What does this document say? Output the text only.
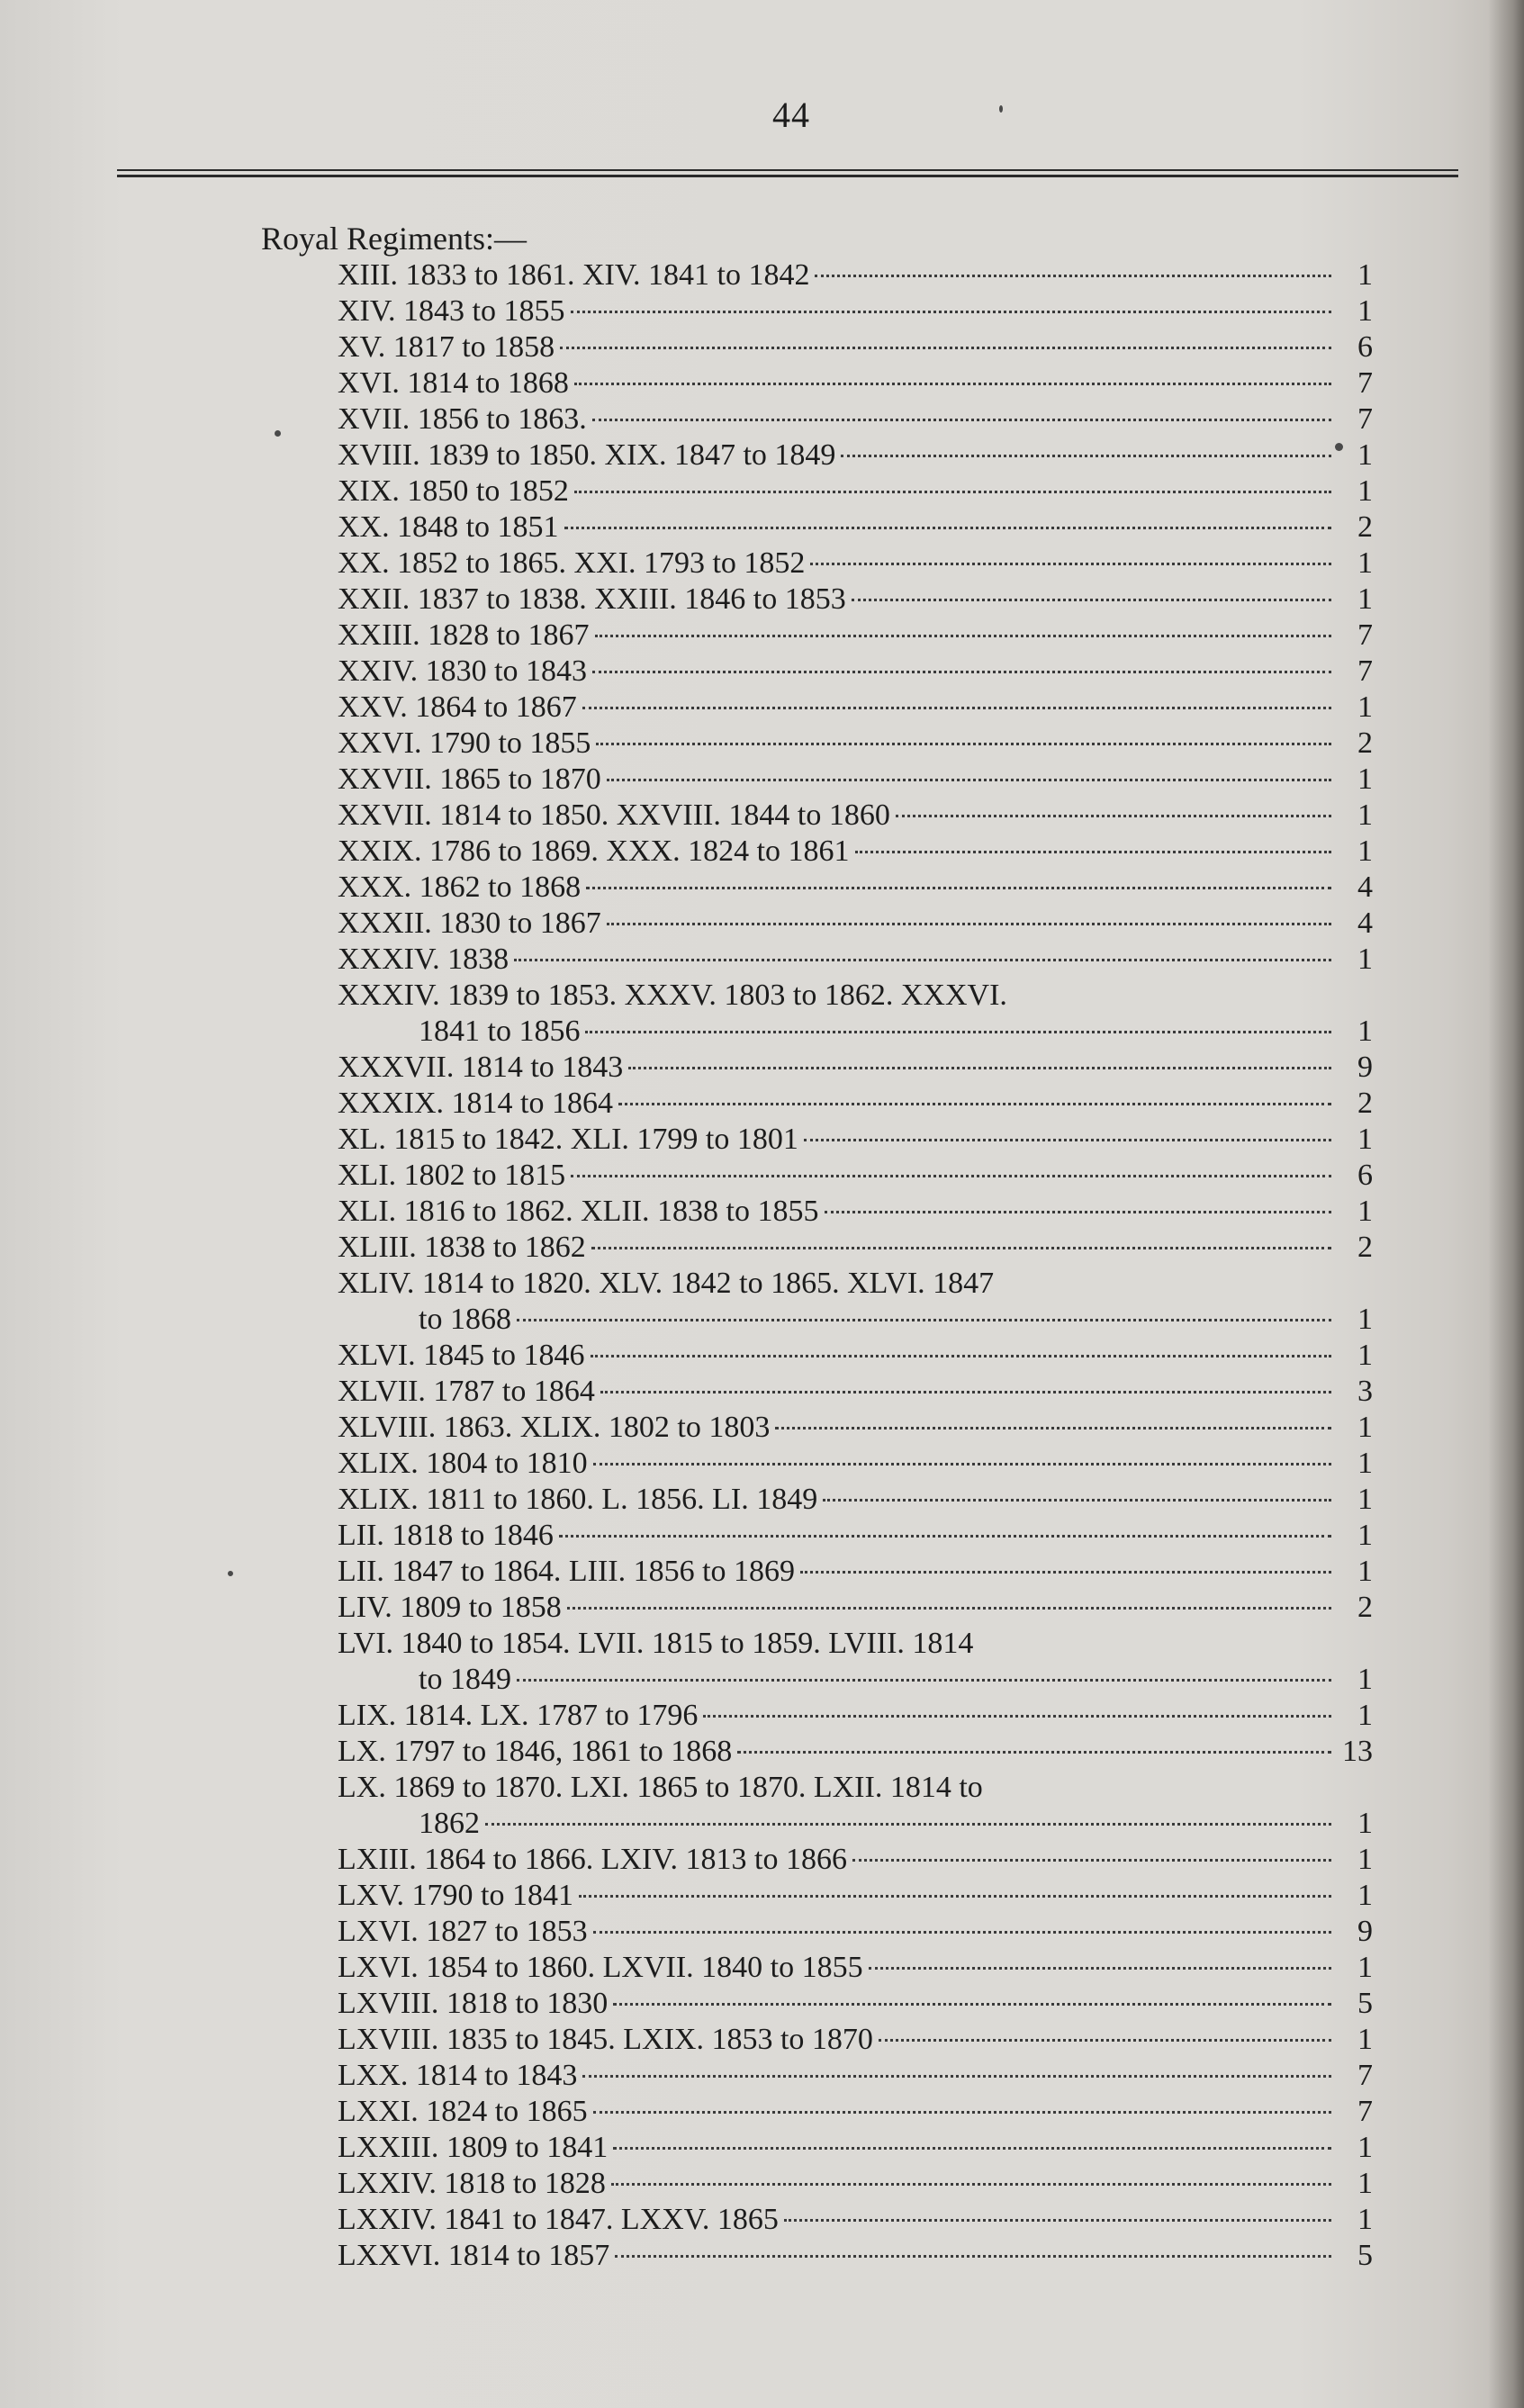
44
Royal Regiments:—
XIII. 1833 to 1861. XIV. 1841 to 1842	1
XIV. 1843 to 1855	1
XV. 1817 to 1858	6
XVI. 1814 to 1868	7
XVII. 1856 to 1863.	7
XVIII. 1839 to 1850. XIX. 1847 to 1849	1
XIX. 1850 to 1852	1
XX. 1848 to 1851	2
XX. 1852 to 1865. XXI. 1793 to 1852	1
XXII. 1837 to 1838. XXIII. 1846 to 1853	1
XXIII. 1828 to 1867	7
XXIV. 1830 to 1843	7
XXV. 1864 to 1867	1
XXVI. 1790 to 1855	2
XXVII. 1865 to 1870	1
XXVII. 1814 to 1850. XXVIII. 1844 to 1860	1
XXIX. 1786 to 1869. XXX. 1824 to 1861	1
XXX. 1862 to 1868	4
XXXII. 1830 to 1867	4
XXXIV. 1838	1
XXXIV. 1839 to 1853. XXXV. 1803 to 1862. XXXVI.
1841 to 1856	1
XXXVII. 1814 to 1843	9
XXXIX. 1814 to 1864	2
XL. 1815 to 1842. XLI. 1799 to 1801	1
XLI. 1802 to 1815	6
XLI. 1816 to 1862. XLII. 1838 to 1855	1
XLIII. 1838 to 1862	2
XLIV. 1814 to 1820. XLV. 1842 to 1865. XLVI. 1847
to 1868	1
XLVI. 1845 to 1846	1
XLVII. 1787 to 1864	3
XLVIII. 1863. XLIX. 1802 to 1803	1
XLIX. 1804 to 1810	1
XLIX. 1811 to 1860. L. 1856. LI. 1849	1
LII. 1818 to 1846	1
LII. 1847 to 1864. LIII. 1856 to 1869	1
LIV. 1809 to 1858	2
LVI. 1840 to 1854. LVII. 1815 to 1859. LVIII. 1814
to 1849	1
LIX. 1814. LX. 1787 to 1796	1
LX. 1797 to 1846, 1861 to 1868	13
LX. 1869 to 1870. LXI. 1865 to 1870. LXII. 1814 to
1862	1
LXIII. 1864 to 1866. LXIV. 1813 to 1866	1
LXV. 1790 to 1841	1
LXVI. 1827 to 1853	9
LXVI. 1854 to 1860. LXVII. 1840 to 1855	1
LXVIII. 1818 to 1830	5
LXVIII. 1835 to 1845. LXIX. 1853 to 1870	1
LXX. 1814 to 1843	7
LXXI. 1824 to 1865	7
LXXIII. 1809 to 1841	1
LXXIV. 1818 to 1828	1
LXXIV. 1841 to 1847. LXXV. 1865	1
LXXVI. 1814 to 1857	5
